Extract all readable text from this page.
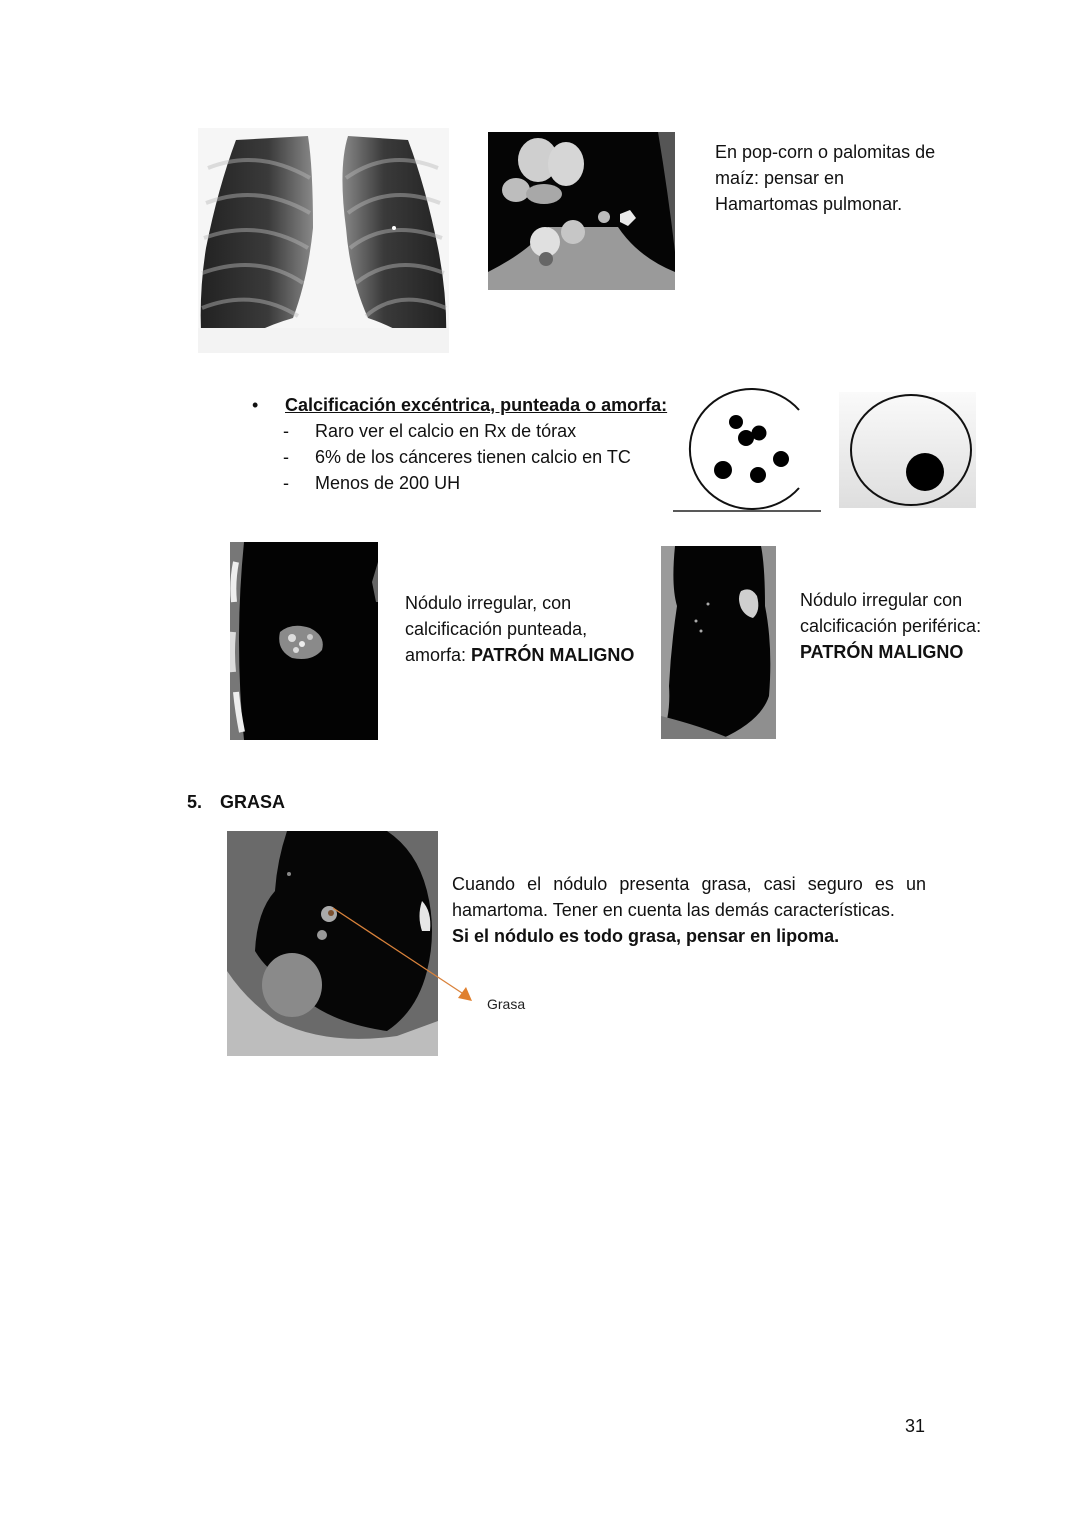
En pop-corn o palomitas de
maíz: pensar en
Hamartomas pulmonar.
•	Calcificación excéntrica, punteada o amorfa:
- Raro ver el calcio en Rx de tórax
- 6% de los cánceres tienen calcio en TC
- Menos de 200 UH
Nódulo irregular, con
calcificación punteada,
amorfa: PATRÓN MALIGNO
Nódulo irregular con
calcificación periférica:
PATRÓN MALIGNO
5. GRASA
Grasa
Cuando el nódulo presenta grasa, casi seguro es un
hamartoma. Tener en cuenta las demás características.
Si el nódulo es todo grasa, pensar en lipoma.
31
